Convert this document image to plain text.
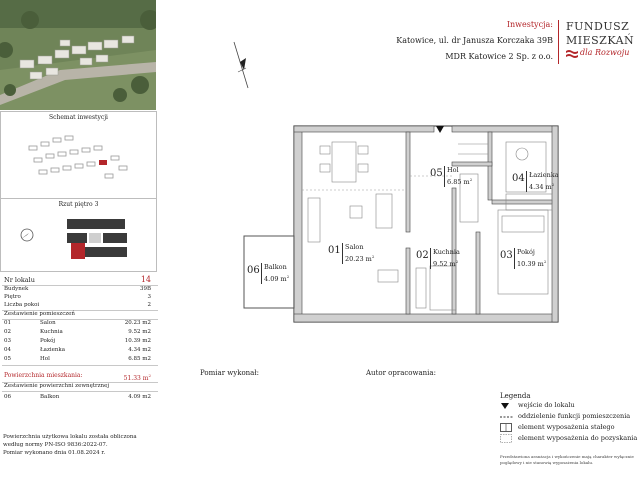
Schemat inwestycji
Rzut piętro 3
Nr lokalu	14
Budynek	39B
Piętro	3
Liczba pokoi	2
Zestawienie pomieszczeń
01	Salon	20.23 m2
02	Kuchnia	9.52 m2
03	Pokój	10.39 m2
04	Łazienka	4.34 m2
05	Hol	6.85 m2
Powierzchnia mieszkania:	51.33 $m^2$
Zestawienie powierzchni zewnętrznej
06	Balkon	4.09 m2
Powierzchnia użytkowa lokalu została obliczona
według normy PN-ISO 9836:2022-07.
Pomiar wykonano dnia 01.08.2024 r.
Inwestycja:
Katowice, ul. dr Janusza Korczaka 39B
MDR Katowice 2 Sp. z o.o.
FUNDUSZ
MIESZKAŃ
dla Rozwoju
01 Salon
20.23 $m^2$	02 Kuchnia
9.52 $m^2$
03 Pokój
10.39 $m^2$
04 Łazienka
4.34 $m^2$
05 Hol
6.85 $m^2$
06 Balkon
4.09 $m^2$
Pomiar wykonał:	Autor opracowania:
Legenda
wejście do lokalu
oddzielenie funkcji pomieszczenia
element wyposażenia stałego
element wyposażenia do pozyskania
Przedstawiona aranżacja i wykończenie mają charakter wyłącznie
poglądowy i nie stanowią wyposażenia lokalu.
